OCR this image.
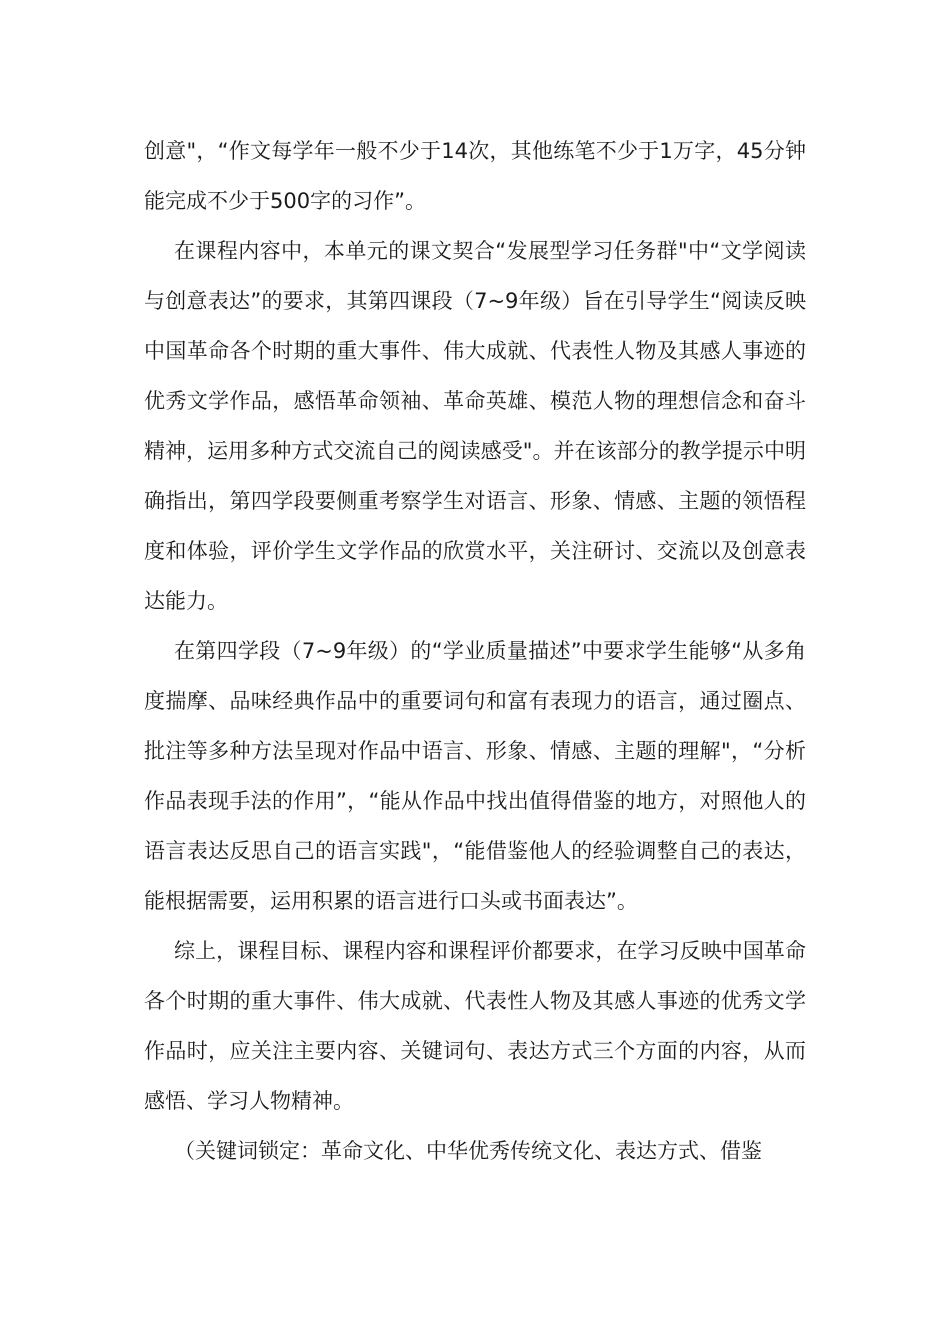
创意"，“作文每学年一般不少于14次，其他练笔不少于1万字，45分钟能完成不少于500字的习作”。

在课程内容中，本单元的课文契合“发展型学习任务群"中“文学阅读与创意表达”的要求，其第四课段（7~9年级）旨在引导学生“阅读反映中国革命各个时期的重大事件、伟大成就、代表性人物及其感人事迹的优秀文学作品，感悟革命领袖、革命英雄、模范人物的理想信念和奋斗精神，运用多种方式交流自己的阅读感受"。并在该部分的教学提示中明确指出，第四学段要侧重考察学生对语言、形象、情感、主题的领悟程度和体验，评价学生文学作品的欣赏水平，关注研讨、交流以及创意表达能力。

在第四学段（7~9年级）的“学业质量描述”中要求学生能够“从多角度揣摩、品味经典作品中的重要词句和富有表现力的语言，通过圈点、批注等多种方法呈现对作品中语言、形象、情感、主题的理解"，“分析作品表现手法的作用”，“能从作品中找出值得借鉴的地方，对照他人的语言表达反思自己的语言实践"，“能借鉴他人的经验调整自己的表达，能根据需要，运用积累的语言进行口头或书面表达”。

综上，课程目标、课程内容和课程评价都要求，在学习反映中国革命各个时期的重大事件、伟大成就、代表性人物及其感人事迹的优秀文学作品时，应关注主要内容、关键词句、表达方式三个方面的内容，从而感悟、学习人物精神。

（关键词锁定：革命文化、中华优秀传统文化、表达方式、借鉴
